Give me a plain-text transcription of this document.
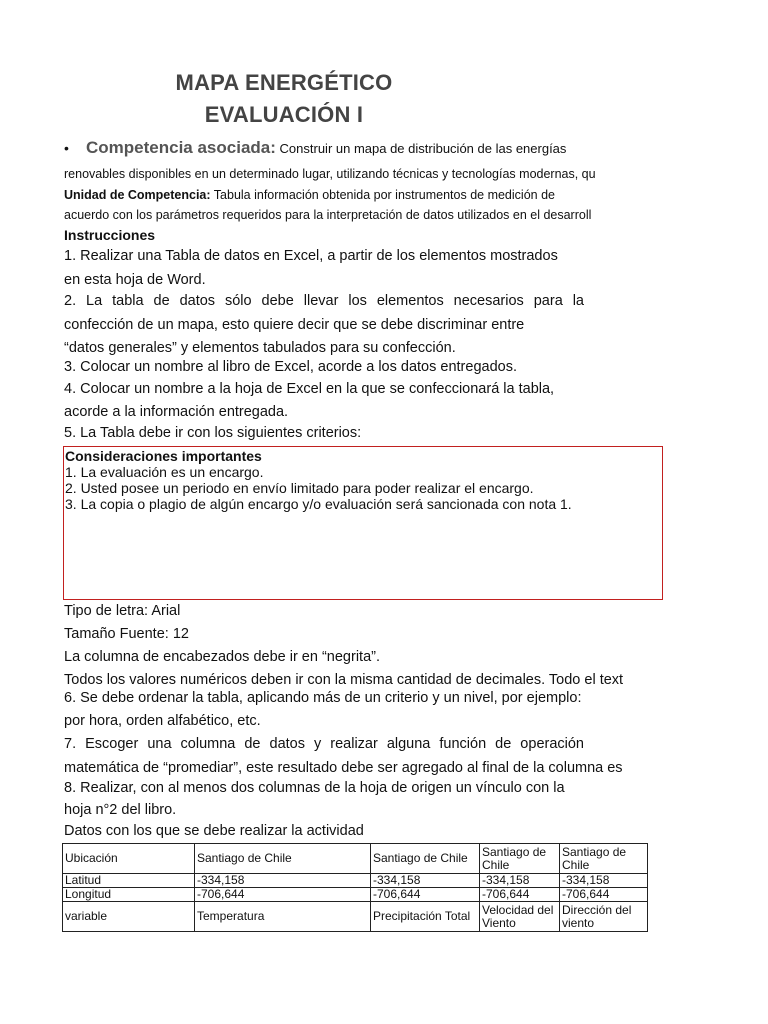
MAPA ENERGÉTICO
EVALUACIÓN I
• Competencia asociada: Construir un mapa de distribución de las energías
renovables disponibles en un determinado lugar, utilizando técnicas y tecnologías modernas, qu
Unidad de Competencia: Tabula información obtenida por instrumentos de medición de
acuerdo con los parámetros requeridos para la interpretación de datos utilizados en el desarroll
Instrucciones
1. Realizar una Tabla de datos en Excel, a partir de los elementos mostrados
en esta hoja de Word.
2. La tabla de datos sólo debe llevar los elementos necesarios para la
confección de un mapa, esto quiere decir que se debe discriminar entre
“datos generales” y elementos tabulados para su confección.
3. Colocar un nombre al libro de Excel, acorde a los datos entregados.
4. Colocar un nombre a la hoja de Excel en la que se confeccionará la tabla,
acorde a la información entregada.
5. La Tabla debe ir con los siguientes criterios:
Consideraciones importantes
1. La evaluación es un encargo.
2. Usted posee un periodo en envío limitado para poder realizar el encargo.
3. La copia o plagio de algún encargo y/o evaluación será sancionada con nota 1.
Tipo de letra: Arial
Tamaño Fuente: 12
La columna de encabezados debe ir en “negrita”.
Todos los valores numéricos deben ir con la misma cantidad de decimales. Todo el text
6. Se debe ordenar la tabla, aplicando más de un criterio y un nivel, por ejemplo:
por hora, orden alfabético, etc.
7. Escoger una columna de datos y realizar alguna función de operación
matemática de “promediar”, este resultado debe ser agregado al final de la columna es
8. Realizar, con al menos dos columnas de la hoja de origen un vínculo con la
hoja n°2 del libro.
Datos con los que se debe realizar la actividad
Ubicación	Santiago de Chile	Santiago de Chile	Santiago de Chile	Santiago de Chile
Latitud	-334,158	-334,158	-334,158	-334,158
Longitud	-706,644	-706,644	-706,644	-706,644
variable	Temperatura	Precipitación Total	Velocidad del Viento	Dirección del viento
